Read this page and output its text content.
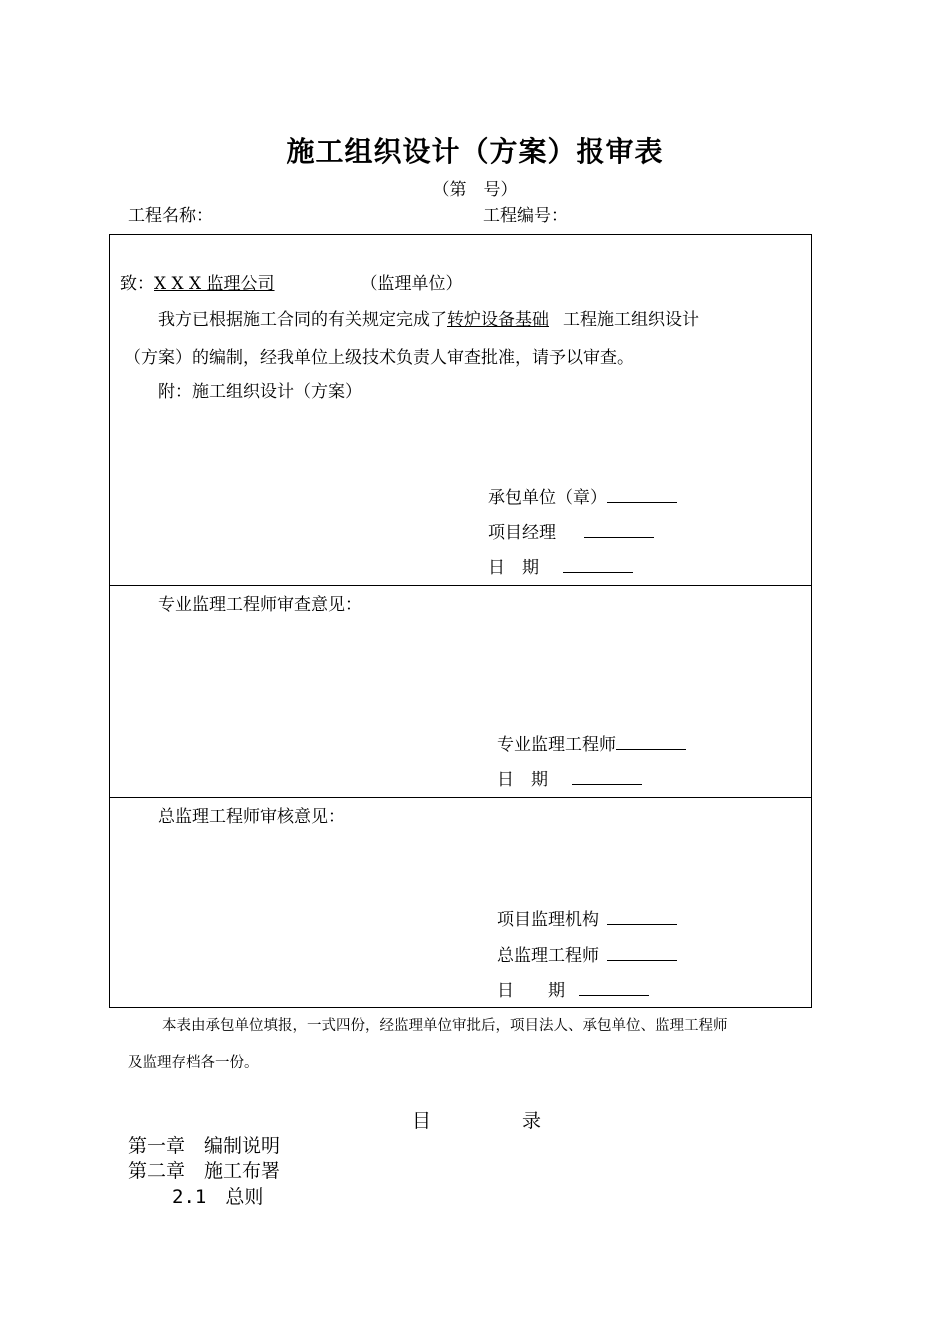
施工组织设计（方案）报审表
（第　号）
工程名称：	工程编号：
致：X X X 监理公司	（监理单位）
我方已根据施工合同的有关规定完成了转炉设备基础 工程施工组织设计
（方案）的编制，经我单位上级技术负责人审查批准，请予以审查。
附：施工组织设计（方案）
承包单位（章）
项目经理
日　期
专业监理工程师审查意见：
专业监理工程师
日　期
总监理工程师审核意见：
项目监理机构
总监理工程师
日　　期
本表由承包单位填报，一式四份，经监理单位审批后，项目法人、承包单位、监理工程师
及监理存档各一份。
目	录
第一章　编制说明
第二章　施工布署
2.1　总则
